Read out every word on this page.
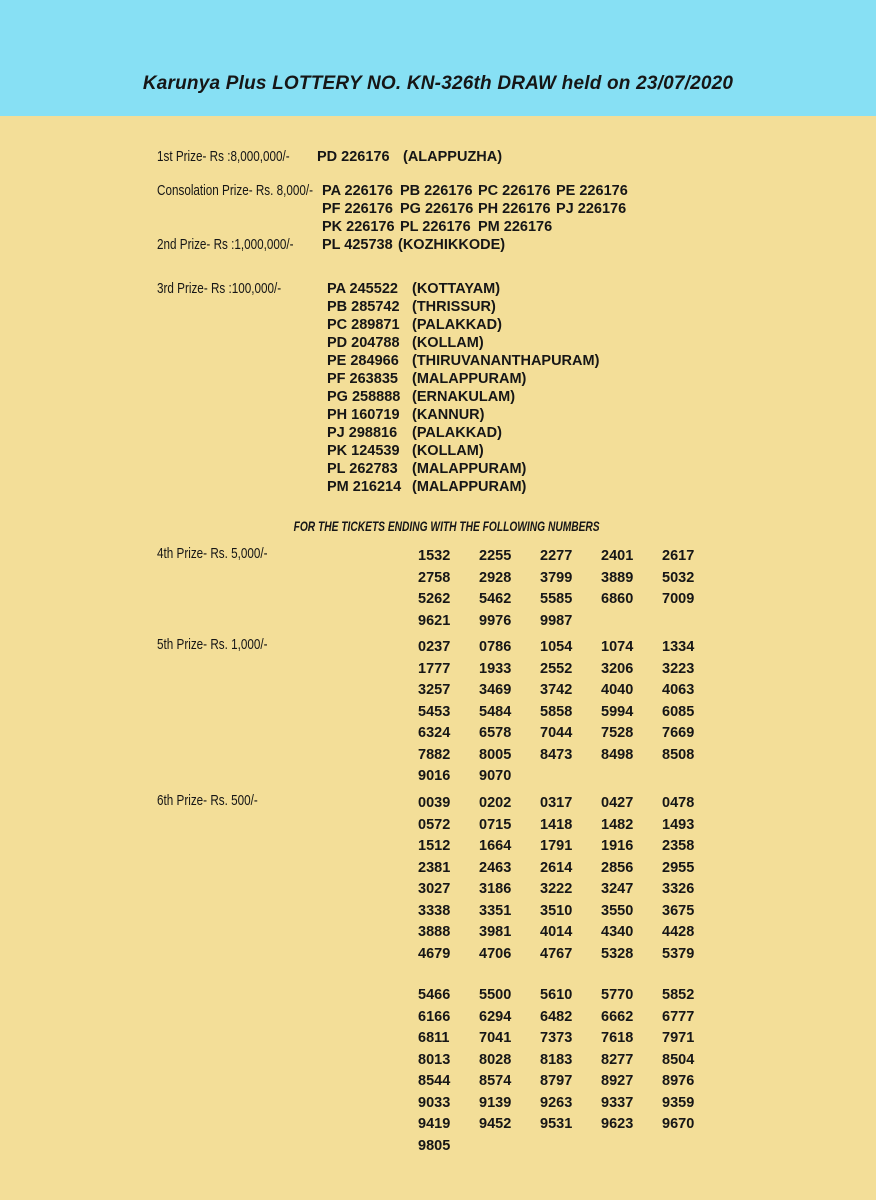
Karunya Plus LOTTERY NO. KN-326th DRAW held on 23/07/2020
1st Prize- Rs :8,000,000/-	PD 226176 (ALAPPUZHA)
Consolation Prize- Rs. 8,000/- PA 226176 PB 226176 PC 226176 PE 226176
PF 226176 PG 226176 PH 226176 PJ 226176
PK 226176 PL 226176 PM 226176
2nd Prize- Rs :1,000,000/-	PL 425738 (KOZHIKKODE)
3rd Prize- Rs :100,000/-	PA 245522 (KOTTAYAM)
PB 285742 (THRISSUR)
PC 289871 (PALAKKAD)
PD 204788 (KOLLAM)
PE 284966 (THIRUVANANTHAPURAM)
PF 263835 (MALAPPURAM)
PG 258888 (ERNAKULAM)
PH 160719 (KANNUR)
PJ 298816 (PALAKKAD)
PK 124539 (KOLLAM)
PL 262783 (MALAPPURAM)
PM 216214 (MALAPPURAM)
FOR THE TICKETS ENDING WITH THE FOLLOWING NUMBERS
4th Prize- Rs. 5,000/-	1532 2255 2277 2401 2617
2758 2928 3799 3889 5032
5262 5462 5585 6860 7009
9621 9976 9987
5th Prize- Rs. 1,000/-	0237 0786 1054 1074 1334
1777 1933 2552 3206 3223
3257 3469 3742 4040 4063
5453 5484 5858 5994 6085
6324 6578 7044 7528 7669
7882 8005 8473 8498 8508
9016 9070
6th Prize- Rs. 500/-	0039 0202 0317 0427 0478
0572 0715 1418 1482 1493
1512 1664 1791 1916 2358
2381 2463 2614 2856 2955
3027 3186 3222 3247 3326
3338 3351 3510 3550 3675
3888 3981 4014 4340 4428
4679 4706 4767 5328 5379
5466 5500 5610 5770 5852
6166 6294 6482 6662 6777
6811 7041 7373 7618 7971
8013 8028 8183 8277 8504
8544 8574 8797 8927 8976
9033 9139 9263 9337 9359
9419 9452 9531 9623 9670
9805
